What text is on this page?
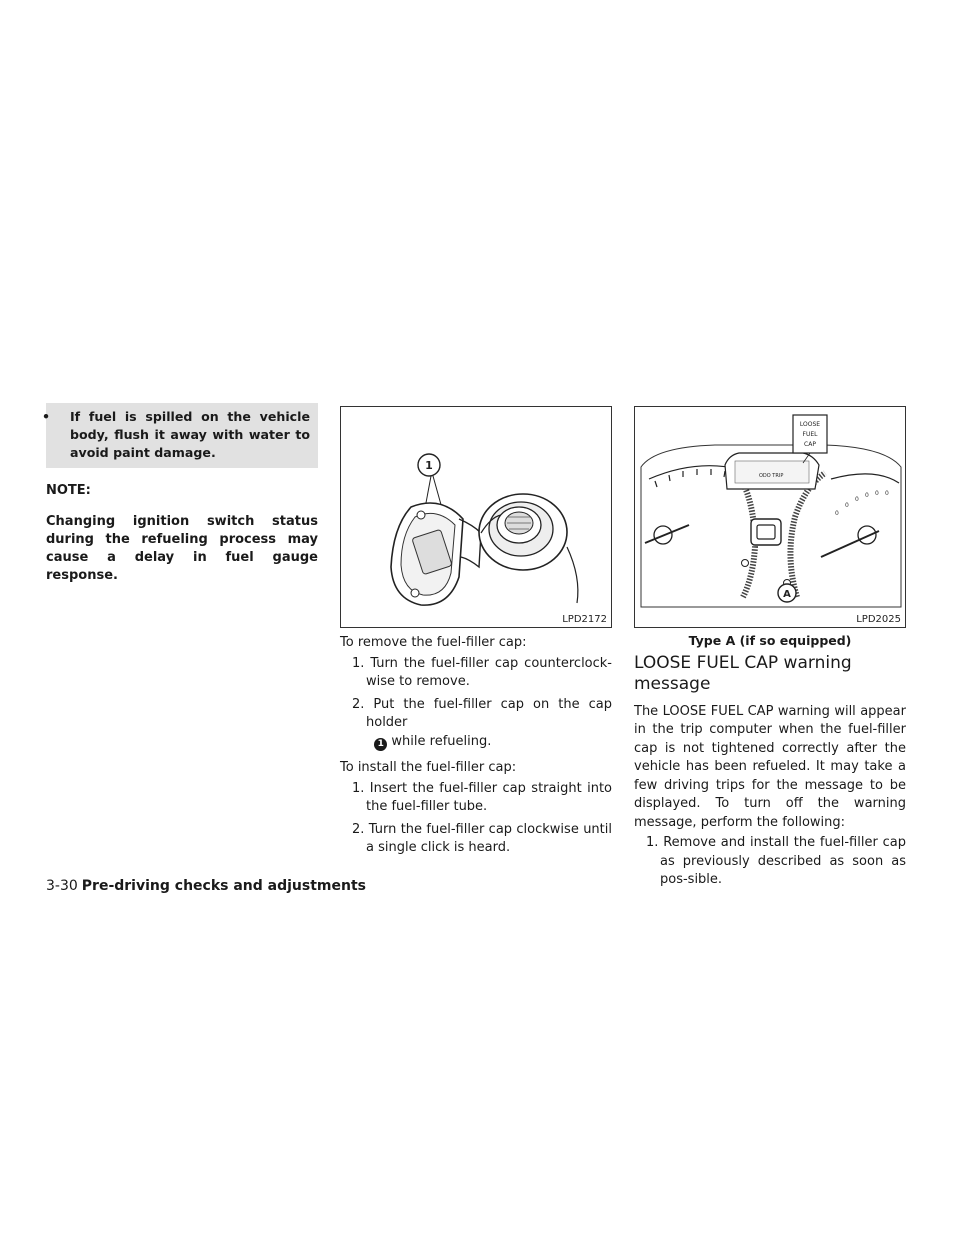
• If fuel is spilled on the vehicle body, flush it away with water to avoid paint damage.
NOTE:
Changing ignition switch status during the refueling process may cause a delay in fuel gauge response.
1
LPD2172
To remove the fuel-filler cap:
1. Turn the fuel-filler cap counterclock-wise to remove.
2. Put the fuel-filler cap on the cap holder
1 while refueling.
To install the fuel-filler cap:
1. Insert the fuel-filler cap straight into the fuel-filler tube.
2. Turn the fuel-filler cap clockwise until a single click is heard.
0
0
0
0 0 0
ODO TRIP
LOOSE
FUEL
CAP
A
LPD2025
Type A (if so equipped)
LOOSE FUEL CAP warning message
The LOOSE FUEL CAP warning will appear in the trip computer when the fuel-filler cap is not tightened correctly after the vehicle has been refueled. It may take a few driving trips for the message to be displayed. To turn off the warning message, perform the following:
1. Remove and install the fuel-filler cap as previously described as soon as pos-sible.
3-30 Pre-driving checks and adjustments
